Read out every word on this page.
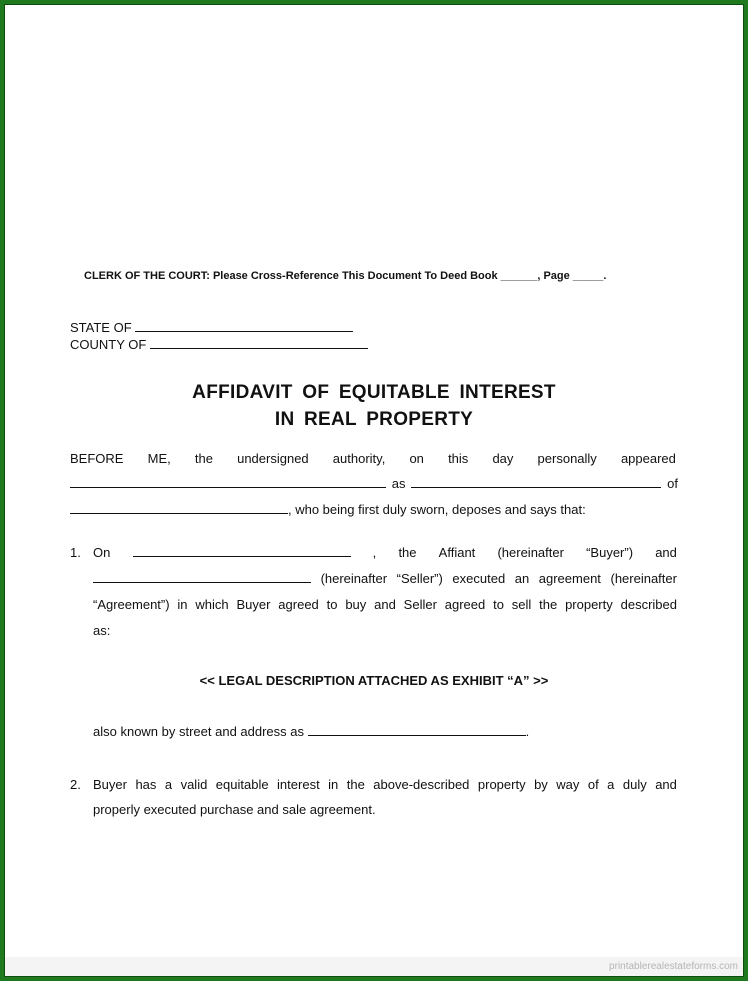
CLERK OF THE COURT: Please Cross-Reference This Document To Deed Book ______, Page _____.
STATE OF
COUNTY OF
AFFIDAVIT OF EQUITABLE INTEREST
IN REAL PROPERTY
BEFORE ME, the undersigned authority, on this day personally appeared
as	of
, who being first duly sworn, deposes and says that:
1. On	, the Affiant (hereinafter “Buyer”) and
(hereinafter “Seller”) executed an agreement (hereinafter
“Agreement”) in which Buyer agreed to buy and Seller agreed to sell the property described
as:
<< LEGAL DESCRIPTION ATTACHED AS EXHIBIT “A” >>
also known by street and address as	.
2. Buyer has a valid equitable interest in the above-described property by way of a duly and
properly executed purchase and sale agreement.
printablerealestateforms.com
